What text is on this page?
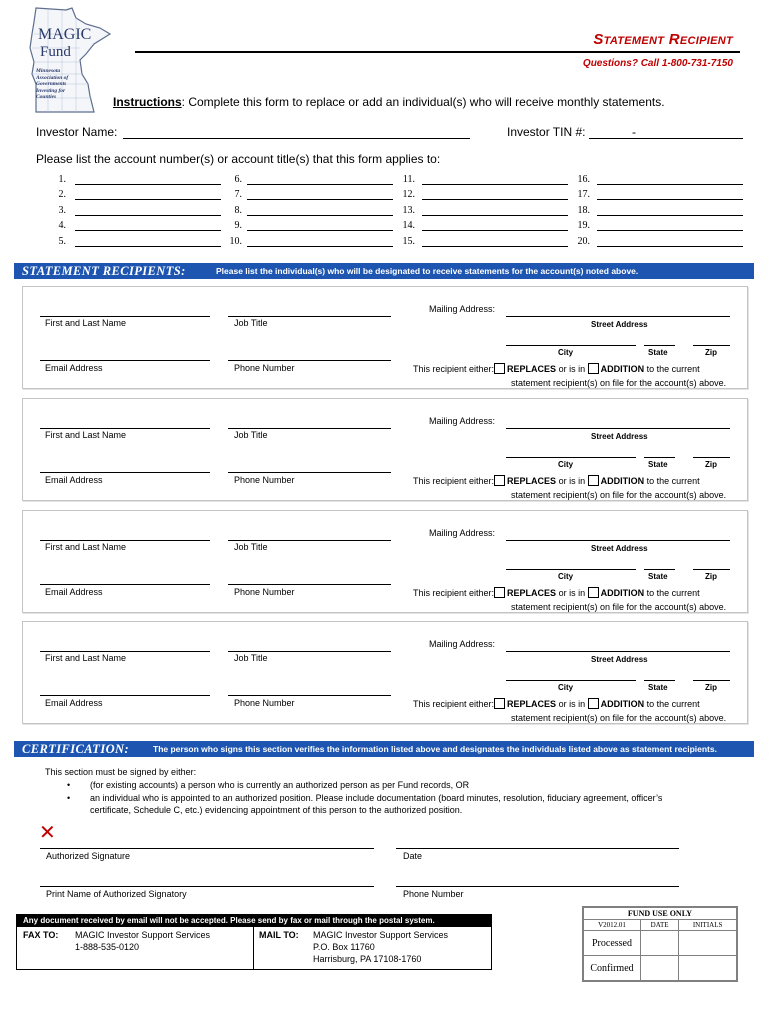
MAGIC
Fund
Minnesota
Association of
Governments
Investing for
Counties
Statement Recipient
Questions? Call 1-800-731-7150
Instructions: Complete this form to replace or add an individual(s) who will receive monthly statements.
Investor Name:	Investor TIN #:	-
Please list the account number(s) or account title(s) that this form applies to:
1.
2.
3.
4.
5.
6.
7.
8.
9.
10.
11.
12.
13.
14.
15.
16.
17.
18.
19.
20.
STATEMENT RECIPIENTS:	Please list the individual(s) who will be designated to receive statements for the account(s) noted above.
First and Last Name	Job Title
Mailing Address:
Street Address
City	State	Zip
Email Address	Phone Number	This recipient either: REPLACES or is in ADDITION to the current
statement recipient(s) on file for the account(s) above.
First and Last Name	Job Title
Mailing Address:
Street Address
City	State	Zip
Email Address	Phone Number	This recipient either: REPLACES or is in ADDITION to the current
statement recipient(s) on file for the account(s) above.
First and Last Name	Job Title
Mailing Address:
Street Address
City	State	Zip
Email Address	Phone Number	This recipient either: REPLACES or is in ADDITION to the current
statement recipient(s) on file for the account(s) above.
First and Last Name	Job Title
Mailing Address:
Street Address
City	State	Zip
Email Address	Phone Number	This recipient either: REPLACES or is in ADDITION to the current
statement recipient(s) on file for the account(s) above.
CERTIFICATION:	The person who signs this section verifies the information listed above and designates the individuals listed above as statement recipients.
This section must be signed by either:
• (for existing accounts) a person who is currently an authorized person as per Fund records, OR
• an individual who is appointed to an authorized position. Please include documentation (board minutes, resolution, fiduciary agreement, officer’s
certificate, Schedule C, etc.) evidencing appointment of this person to the authorized position.
✕
Authorized Signature	Date
Print Name of Authorized Signatory	Phone Number
Any document received by email will not be accepted. Please send by fax or mail through the postal system.
FAX TO: MAGIC Investor Support Services
1-888-535-0120
MAIL TO: MAGIC Investor Support Services
P.O. Box 11760
Harrisburg, PA 17108-1760
FUND USE ONLY		
V2012.01	DATE	INITIALS
Processed		
Confirmed		
